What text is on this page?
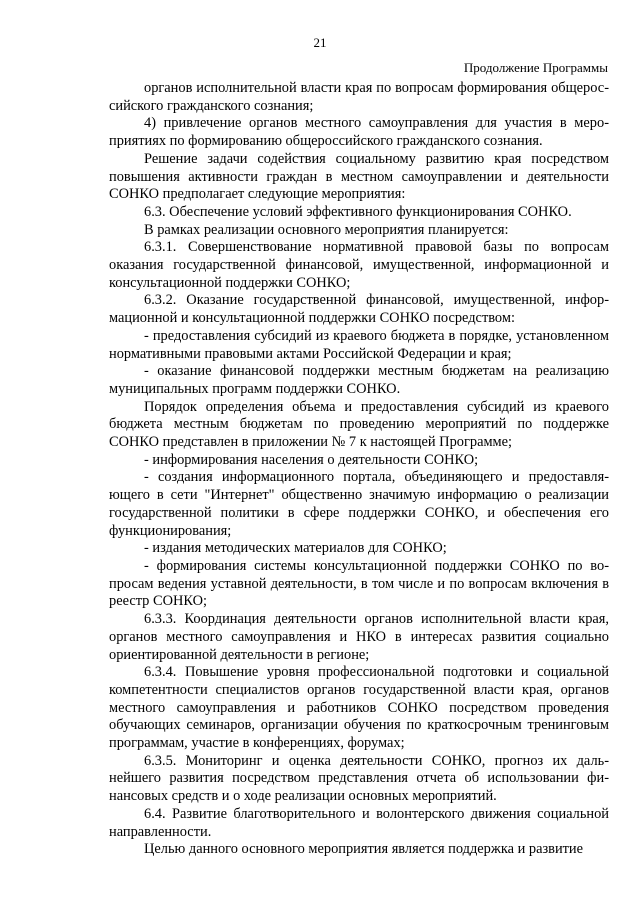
21
Продолжение Программы

органов исполнительной власти края по вопросам формирования общероссийского гражданского сознания;

4) привлечение органов местного самоуправления для участия в мероприятиях по формированию общероссийского гражданского сознания.

Решение задачи содействия социальному развитию края посредством повышения активности граждан в местном самоуправлении и деятельности СОНКО предполагает следующие мероприятия:

6.3. Обеспечение условий эффективного функционирования СОНКО.

В рамках реализации основного мероприятия планируется:

6.3.1. Совершенствование нормативной правовой базы по вопросам оказания государственной финансовой, имущественной, информационной и консультационной поддержки СОНКО;

6.3.2. Оказание государственной финансовой, имущественной, информационной и консультационной поддержки СОНКО посредством:

- предоставления субсидий из краевого бюджета в порядке, установленном нормативными правовыми актами Российской Федерации и края;

- оказание финансовой поддержки местным бюджетам на реализацию муниципальных программ поддержки СОНКО.

Порядок определения объема и предоставления субсидий из краевого бюджета местным бюджетам по проведению мероприятий по поддержке СОНКО представлен в приложении № 7 к настоящей Программе;

- информирования населения о деятельности СОНКО;

- создания информационного портала, объединяющего и предоставляющего в сети "Интернет" общественно значимую информацию о реализации государственной политики в сфере поддержки СОНКО, и обеспечения его функционирования;

- издания методических материалов для СОНКО;

- формирования системы консультационной поддержки СОНКО по вопросам ведения уставной деятельности, в том числе и по вопросам включения в реестр СОНКО;

6.3.3. Координация деятельности органов исполнительной власти края, органов местного самоуправления и НКО в интересах развития социально ориентированной деятельности в регионе;

6.3.4. Повышение уровня профессиональной подготовки и социальной компетентности специалистов органов государственной власти края, органов местного самоуправления и работников СОНКО посредством проведения обучающих семинаров, организации обучения по краткосрочным тренинговым программам, участие в конференциях, форумах;

6.3.5. Мониторинг и оценка деятельности СОНКО, прогноз их дальнейшего развития посредством представления отчета об использовании финансовых средств и о ходе реализации основных мероприятий.

6.4. Развитие благотворительного и волонтерского движения социальной направленности.

Целью данного основного мероприятия является поддержка и развитие
